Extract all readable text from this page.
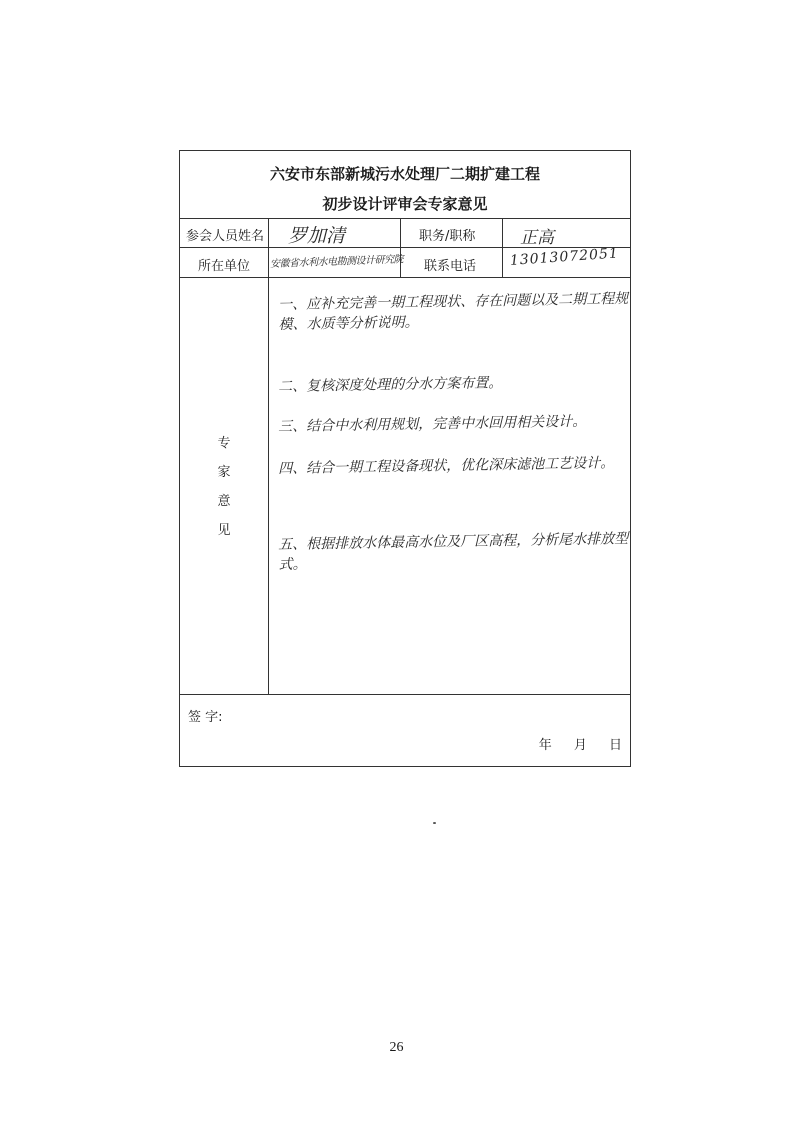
六安市东部新城污水处理厂二期扩建工程
初步设计评审会专家意见
参会人员姓名 罗加清	职务/职称	正高
所在单位 安徽省水利水电勘测设计研究院 联系电话 13013072051
专
家
意
见
一、应补充完善一期工程现状、存在问题以及二期工程规模、水质等分析说明。
二、复核深度处理的分水方案布置。
三、结合中水利用规划，完善中水回用相关设计。
四、结合一期工程设备现状，优化深床滤池工艺设计。
五、根据排放水体最高水位及厂区高程，分析尾水排放型式。
签 字:
年 月 日
26
